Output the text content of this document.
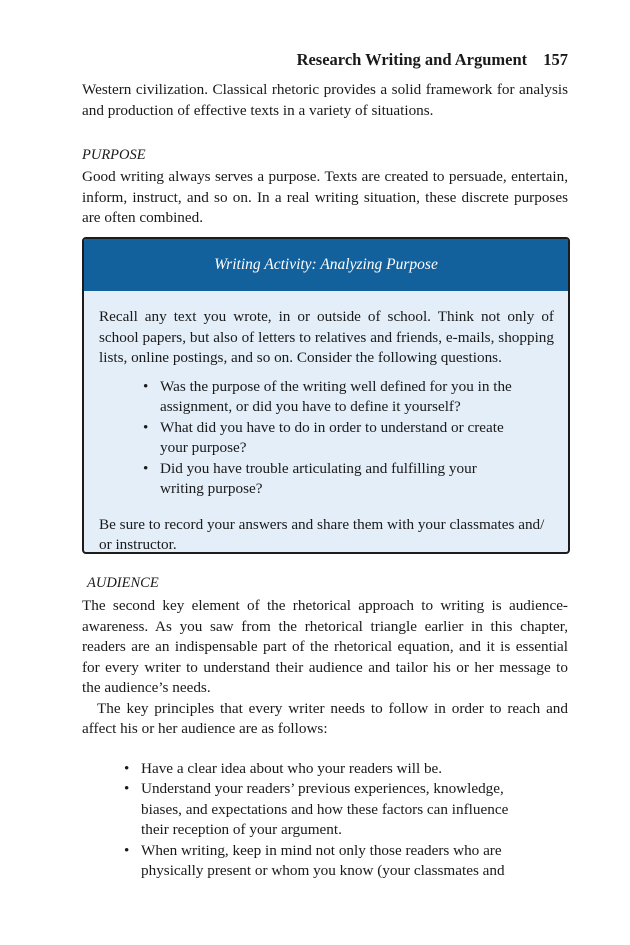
Research Writing and Argument 157

Western civilization. Classical rhetoric provides a solid framework for analysis and production of effective texts in a variety of situations.

PURPOSE

Good writing always serves a purpose. Texts are created to persuade, entertain, inform, instruct, and so on. In a real writing situation, these discrete purposes are often combined.

Writing Activity: Analyzing Purpose

Recall any text you wrote, in or outside of school. Think not only of school papers, but also of letters to relatives and friends, e-mails, shopping lists, online postings, and so on. Consider the following questions.

• Was the purpose of the writing well defined for you in the assignment, or did you have to define it yourself?
• What did you have to do in order to understand or create your purpose?
• Did you have trouble articulating and fulfilling your writing purpose?

Be sure to record your answers and share them with your classmates and/ or instructor.

AUDIENCE

The second key element of the rhetorical approach to writing is audience-awareness. As you saw from the rhetorical triangle earlier in this chapter, readers are an indispensable part of the rhetorical equation, and it is essential for every writer to understand their audience and tailor his or her message to the audience’s needs.

The key principles that every writer needs to follow in order to reach and affect his or her audience are as follows:

• Have a clear idea about who your readers will be.
• Understand your readers’ previous experiences, knowledge, biases, and expectations and how these factors can influence their reception of your argument.
• When writing, keep in mind not only those readers who are physically present or whom you know (your classmates and
